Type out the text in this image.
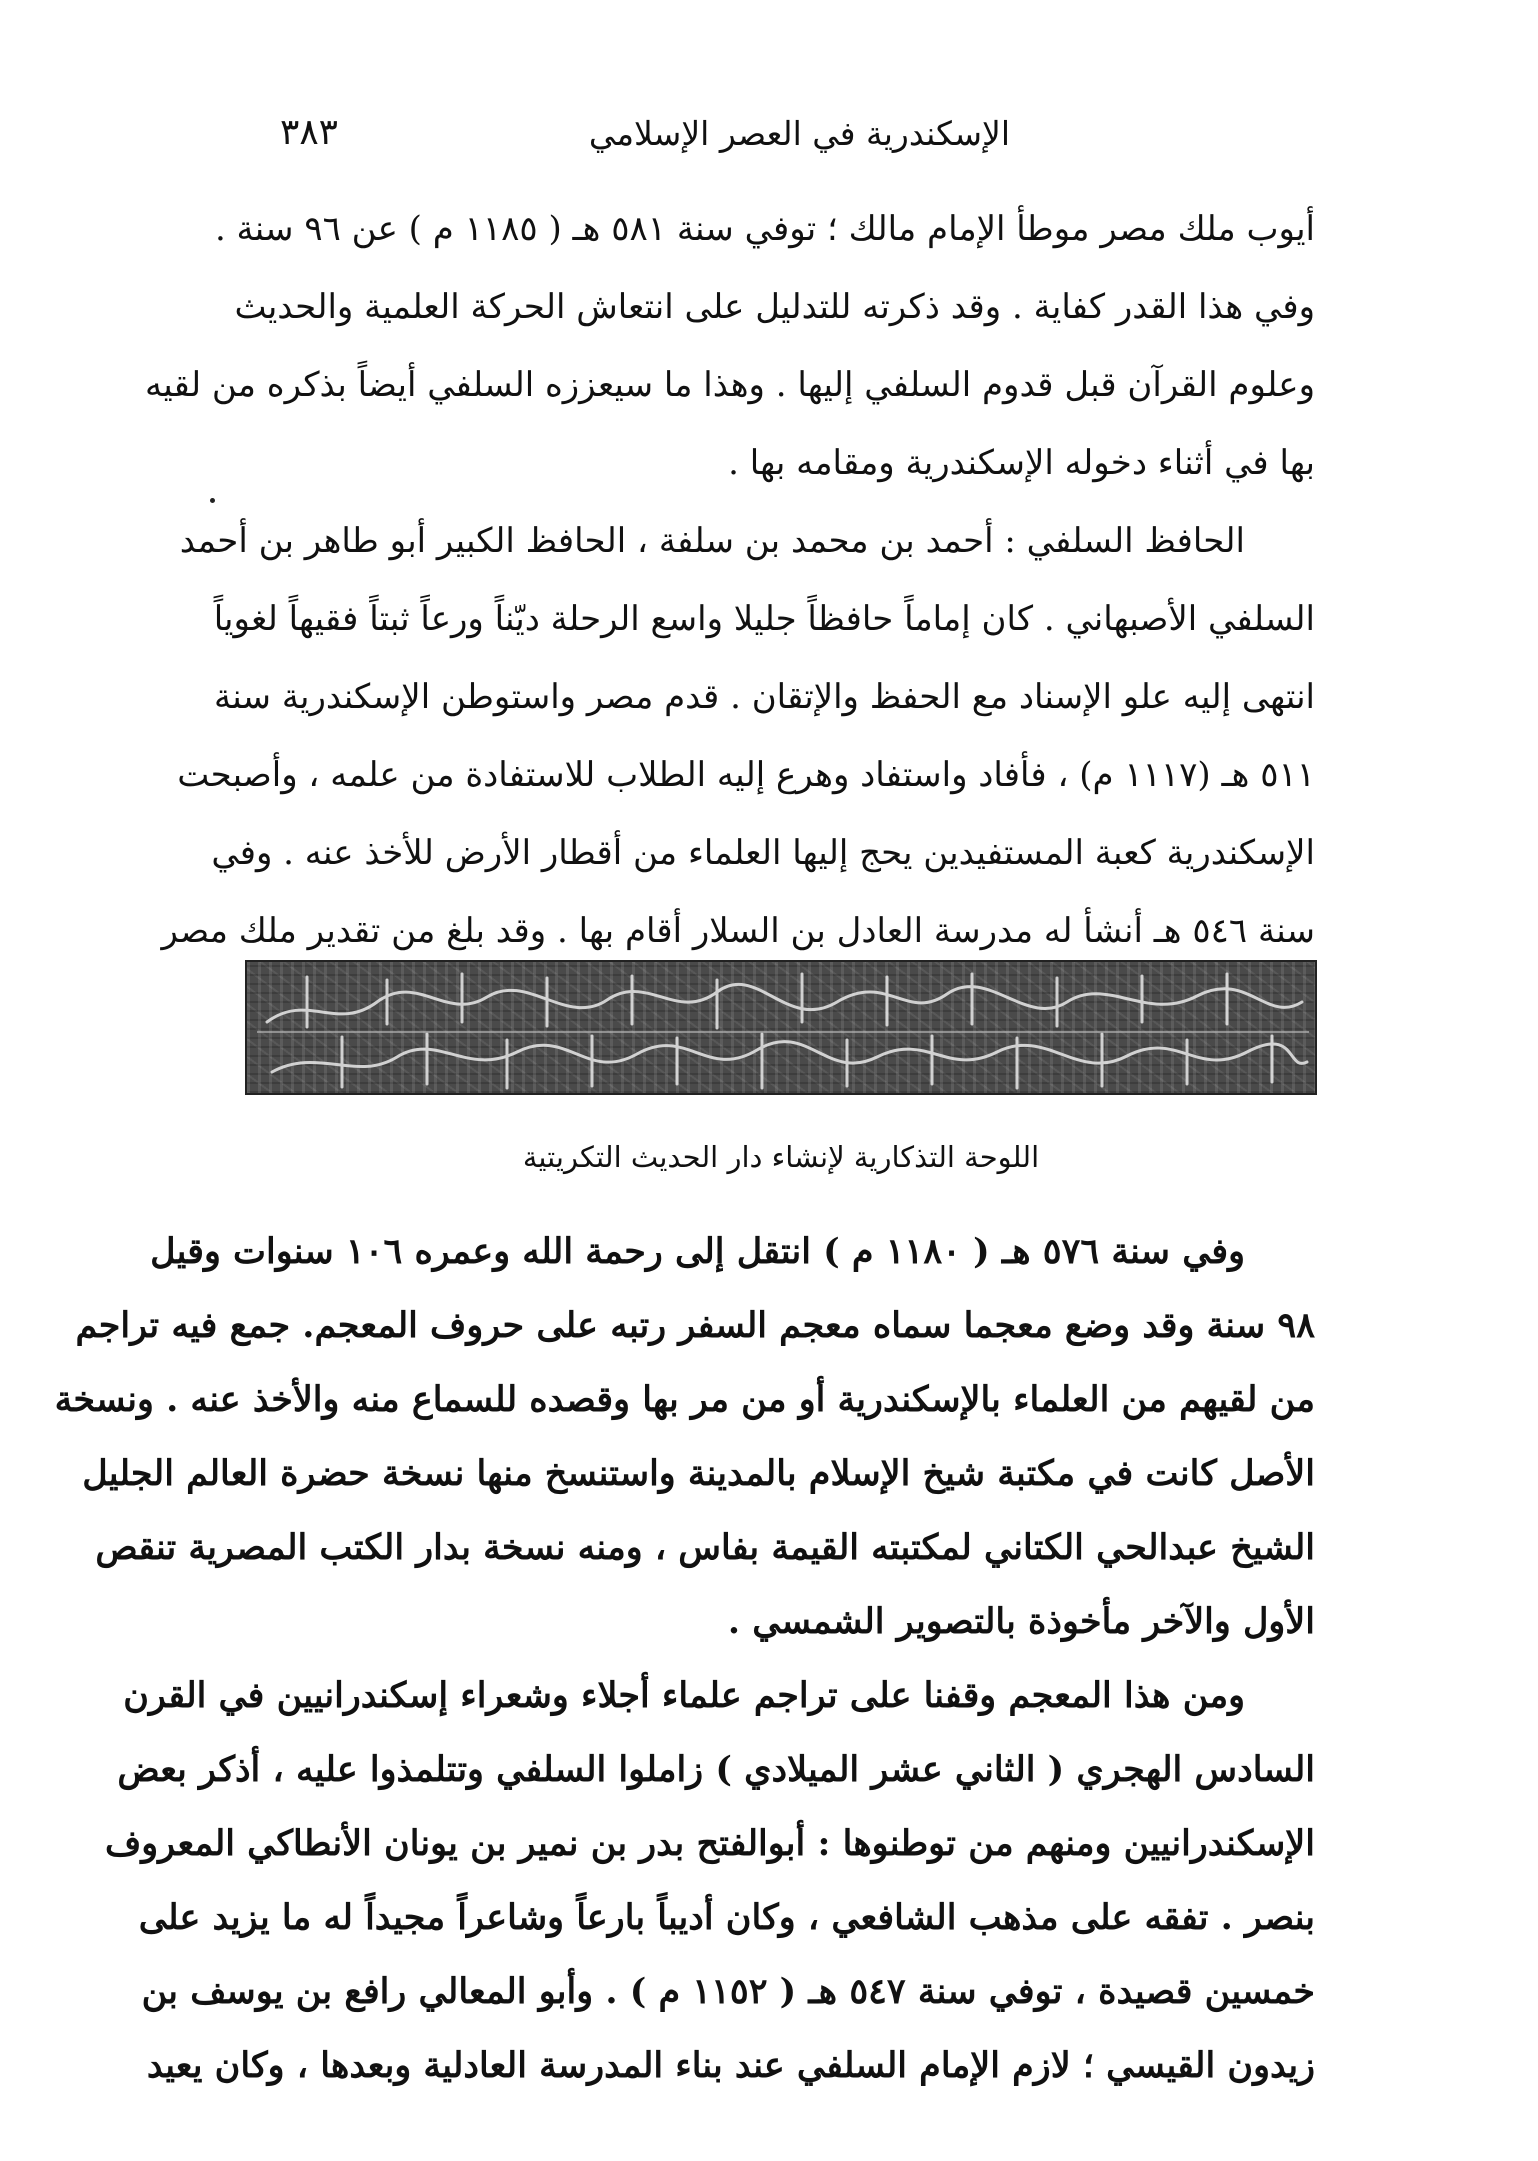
الإسكندرية في العصر الإسلامي
٣٨٣
أيوب ملك مصر موطأ الإمام مالك ؛ توفي سنة ٥٨١ هـ ( ١١٨٥ م ) عن ٩٦ سنة .
وفي هذا القدر كفاية . وقد ذكرته للتدليل على انتعاش الحركة العلمية والحديث
وعلوم القرآن قبل قدوم السلفي إليها . وهذا ما سيعززه السلفي أيضاً بذكره من لقيه
بها في أثناء دخوله الإسكندرية ومقامه بها .
الحافظ السلفي : أحمد بن محمد بن سلفة ، الحافظ الكبير أبو طاهر بن أحمد
السلفي الأصبهاني . كان إماماً حافظاً جليلا واسع الرحلة ديّناً ورعاً ثبتاً فقيهاً لغوياً
انتهى إليه علو الإسناد مع الحفظ والإتقان . قدم مصر واستوطن الإسكندرية سنة
٥١١ هـ (١١١٧ م) ، فأفاد واستفاد وهرع إليه الطلاب للاستفادة من علمه ، وأصبحت
الإسكندرية كعبة المستفيدين يحج إليها العلماء من أقطار الأرض للأخذ عنه . وفي
سنة ٥٤٦ هـ أنشأ له مدرسة العادل بن السلار أقام بها . وقد بلغ من تقدير ملك مصر
اللوحة التذكارية لإنشاء دار الحديث التكريتية
وفي سنة ٥٧٦ هـ ( ١١٨٠ م ) انتقل إلى رحمة الله وعمره ١٠٦ سنوات وقيل
٩٨ سنة وقد وضع معجما سماه معجم السفر رتبه على حروف المعجم. جمع فيه تراجم
من لقيهم من العلماء بالإسكندرية أو من مر بها وقصده للسماع منه والأخذ عنه . ونسخة
الأصل كانت في مكتبة شيخ الإسلام بالمدينة واستنسخ منها نسخة حضرة العالم الجليل
الشيخ عبدالحي الكتاني لمكتبته القيمة بفاس ، ومنه نسخة بدار الكتب المصرية تنقص
الأول والآخر مأخوذة بالتصوير الشمسي .
ومن هذا المعجم وقفنا على تراجم علماء أجلاء وشعراء إسكندرانيين في القرن
السادس الهجري ( الثاني عشر الميلادي ) زاملوا السلفي وتتلمذوا عليه ، أذكر بعض
الإسكندرانيين ومنهم من توطنوها : أبوالفتح بدر بن نمير بن يونان الأنطاكي المعروف
بنصر . تفقه على مذهب الشافعي ، وكان أديباً بارعاً وشاعراً مجيداً له ما يزيد على
خمسين قصيدة ، توفي سنة ٥٤٧ هـ ( ١١٥٢ م ) . وأبو المعالي رافع بن يوسف بن
زيدون القيسي ؛ لازم الإمام السلفي عند بناء المدرسة العادلية وبعدها ، وكان يعيد
